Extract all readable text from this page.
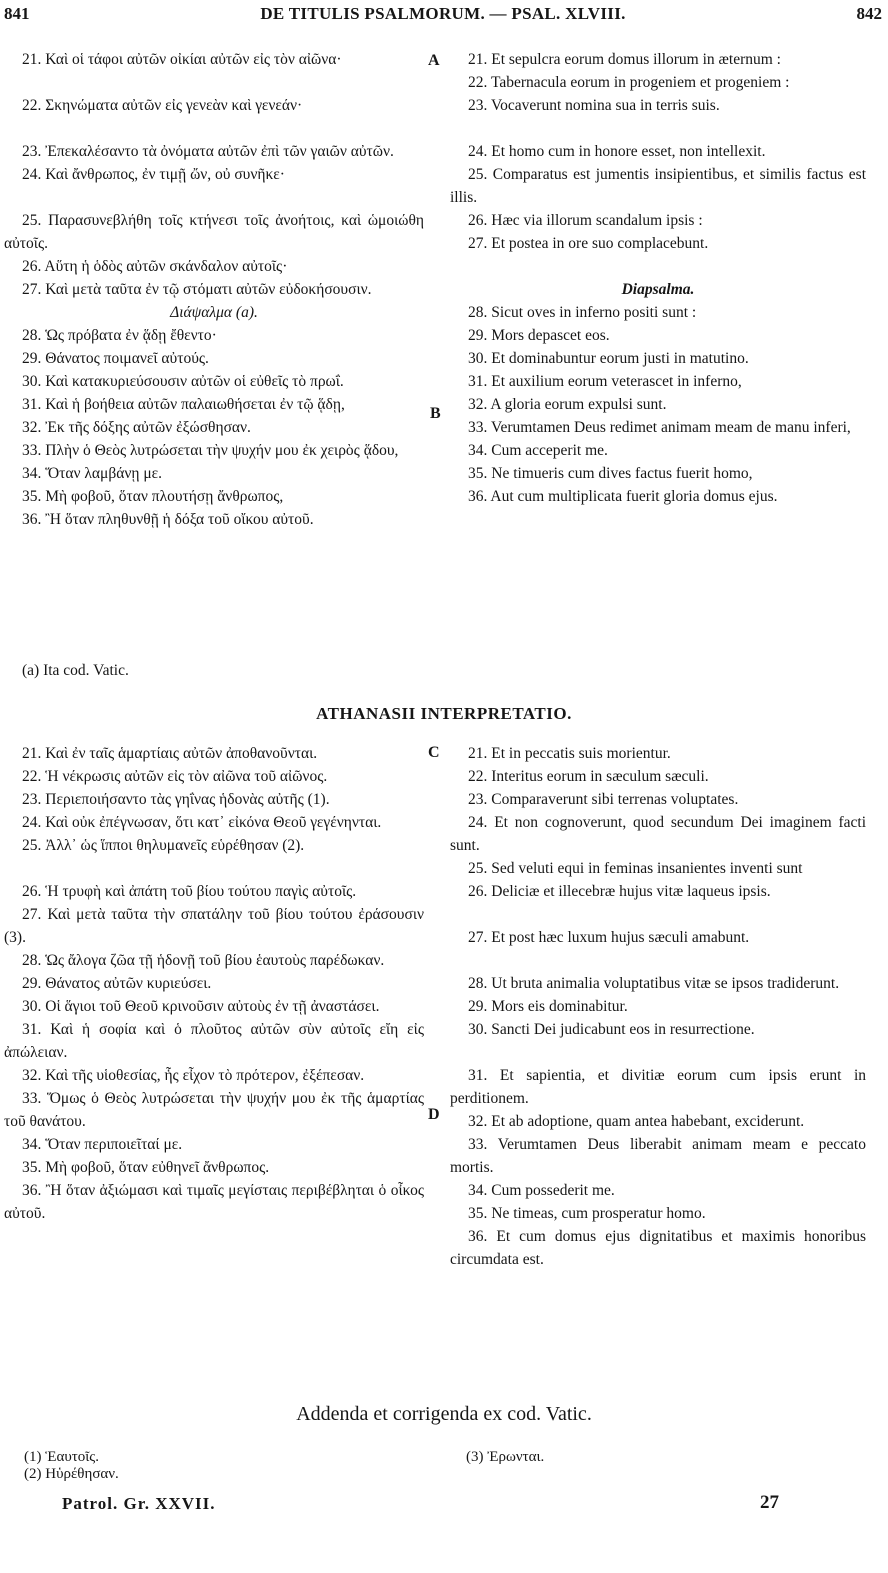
841	DE TITULIS PSALMORUM. — PSAL. XLVIII.	842

21. Καὶ οἱ τάφοι αὐτῶν οἰκίαι αὐτῶν εἰς τὸν αἰῶνα·

22. Σκηνώματα αὐτῶν εἰς γενεὰν καὶ γενεάν·

23. Ἐπεκαλέσαντο τὰ ὀνόματα αὐτῶν ἐπὶ τῶν γαιῶν αὐτῶν.

24. Καὶ ἄνθρωπος, ἐν τιμῇ ὤν, οὐ συνῆκε·

25. Παρασυνεβλήθη τοῖς κτήνεσι τοῖς ἀνοήτοις, καὶ ὡμοιώθη αὐτοῖς.

26. Αὕτη ἡ ὁδὸς αὐτῶν σκάνδαλον αὐτοῖς·

27. Καὶ μετὰ ταῦτα ἐν τῷ στόματι αὐτῶν εὐδοκήσουσιν.

Διάψαλμα (a).

28. Ὡς πρόβατα ἐν ᾅδῃ ἔθεντο·

29. Θάνατος ποιμανεῖ αὐτούς.

30. Καὶ κατακυριεύσουσιν αὐτῶν οἱ εὐθεῖς τὸ πρωΐ.

31. Καὶ ἡ βοήθεια αὐτῶν παλαιωθήσεται ἐν τῷ ᾅδῃ,

32. Ἐκ τῆς δόξης αὐτῶν ἐξώσθησαν.

33. Πλὴν ὁ Θεὸς λυτρώσεται τὴν ψυχήν μου ἐκ χειρὸς ᾅδου,

34. Ὅταν λαμβάνῃ με.

35. Μὴ φοβοῦ, ὅταν πλουτήσῃ ἄνθρωπος,

36. Ἢ ὅταν πληθυνθῇ ἡ δόξα τοῦ οἴκου αὐτοῦ.

21. Et sepulcra eorum domus illorum in æternum :

22. Tabernacula eorum in progeniem et progeniem :

23. Vocaverunt nomina sua in terris suis.

24. Et homo cum in honore esset, non intellexit.

25. Comparatus est jumentis insipientibus, et similis factus est illis.

26. Hæc via illorum scandalum ipsis :

27. Et postea in ore suo complacebunt.

Diapsalma.

28. Sicut oves in inferno positi sunt :

29. Mors depascet eos.

30. Et dominabuntur eorum justi in matutino.

31. Et auxilium eorum veterascet in inferno,

32. A gloria eorum expulsi sunt.

33. Verumtamen Deus redimet animam meam de manu inferi,

34. Cum acceperit me.

35. Ne timueris cum dives factus fuerit homo,

36. Aut cum multiplicata fuerit gloria domus ejus.

A
B
(a) Ita cod. Vatic.
ATHANASII INTERPRETATIO.

21. Καὶ ἐν ταῖς ἁμαρτίαις αὐτῶν ἀποθανοῦνται.

22. Ἡ νέκρωσις αὐτῶν εἰς τὸν αἰῶνα τοῦ αἰῶνος.

23. Περιεποιήσαντο τὰς γηΐνας ἡδονὰς αὐτῆς (1).

24. Καὶ οὐκ ἐπέγνωσαν, ὅτι κατ᾽ εἰκόνα Θεοῦ γεγένηνται.

25. Ἀλλ᾽ ὡς ἵπποι θηλυμανεῖς εὑρέθησαν (2).

26. Ἡ τρυφὴ καὶ ἀπάτη τοῦ βίου τούτου παγὶς αὐτοῖς.

27. Καὶ μετὰ ταῦτα τὴν σπατάλην τοῦ βίου τούτου ἐράσουσιν (3).

28. Ὡς ἄλογα ζῶα τῇ ἡδονῇ τοῦ βίου ἑαυτοὺς παρέδωκαν.

29. Θάνατος αὐτῶν κυριεύσει.

30. Οἱ ἅγιοι τοῦ Θεοῦ κρινοῦσιν αὐτοὺς ἐν τῇ ἀναστάσει.

31. Καὶ ἡ σοφία καὶ ὁ πλοῦτος αὐτῶν σὺν αὐτοῖς εἴη εἰς ἀπώλειαν.

32. Καὶ τῆς υἱοθεσίας, ἧς εἶχον τὸ πρότερον, ἐξέπεσαν.

33. Ὅμως ὁ Θεὸς λυτρώσεται τὴν ψυχήν μου ἐκ τῆς ἁμαρτίας τοῦ θανάτου.

34. Ὅταν περιποιεῖταί με.

35. Μὴ φοβοῦ, ὅταν εὐθηνεῖ ἄνθρωπος.

36. Ἢ ὅταν ἀξιώμασι καὶ τιμαῖς μεγίσταις περιβέβληται ὁ οἶκος αὐτοῦ.

21. Et in peccatis suis morientur.

22. Interitus eorum in sæculum sæculi.

23. Comparaverunt sibi terrenas voluptates.

24. Et non cognoverunt, quod secundum Dei imaginem facti sunt.

25. Sed veluti equi in feminas insanientes inventi sunt

26. Deliciæ et illecebræ hujus vitæ laqueus ipsis.

27. Et post hæc luxum hujus sæculi amabunt.

28. Ut bruta animalia voluptatibus vitæ se ipsos tradiderunt.

29. Mors eis dominabitur.

30. Sancti Dei judicabunt eos in resurrectione.

31. Et sapientia, et divitiæ eorum cum ipsis erunt in perditionem.

32. Et ab adoptione, quam antea habebant, exciderunt.

33. Verumtamen Deus liberabit animam meam e peccato mortis.

34. Cum possederit me.

35. Ne timeas, cum prosperatur homo.

36. Et cum domus ejus dignitatibus et maximis honoribus circumdata est.

C
D
Addenda et corrigenda ex cod. Vatic.
(1) Ἑαυτοῖς.
(2) Ηὑρέθησαν.
(3) Ἐρωνται.
Patrol. Gr. XXVII.	27
